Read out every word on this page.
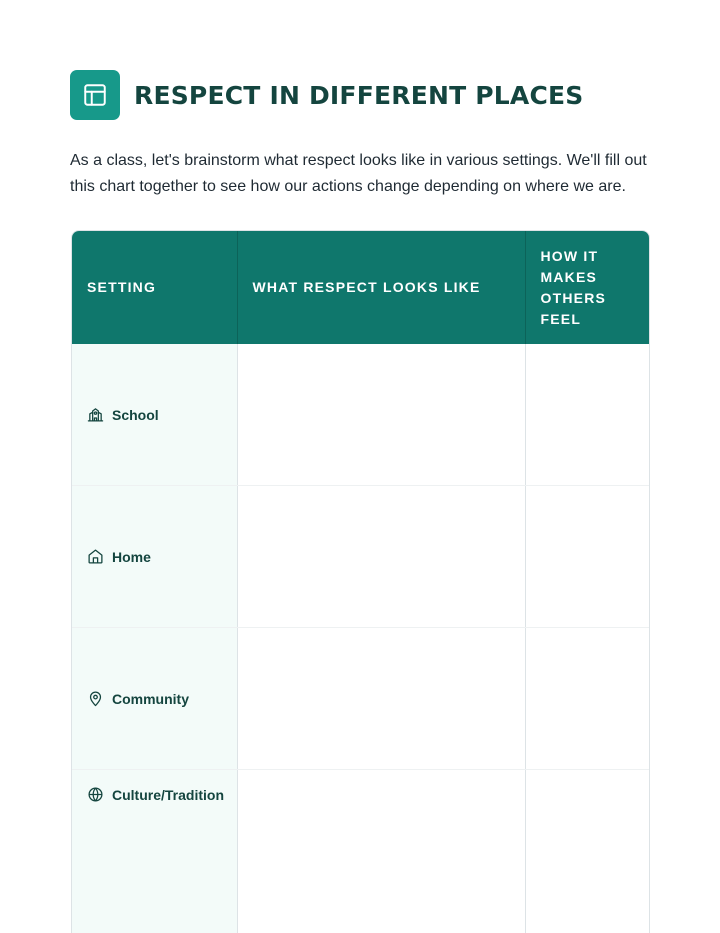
RESPECT IN DIFFERENT PLACES
As a class, let's brainstorm what respect looks like in various settings. We'll fill out this chart together to see how our actions change depending on where we are.
SETTING	WHAT RESPECT LOOKS LIKE	HOW IT MAKES OTHERS FEEL

School		

Home		

Community		

Culture/Tradition		
